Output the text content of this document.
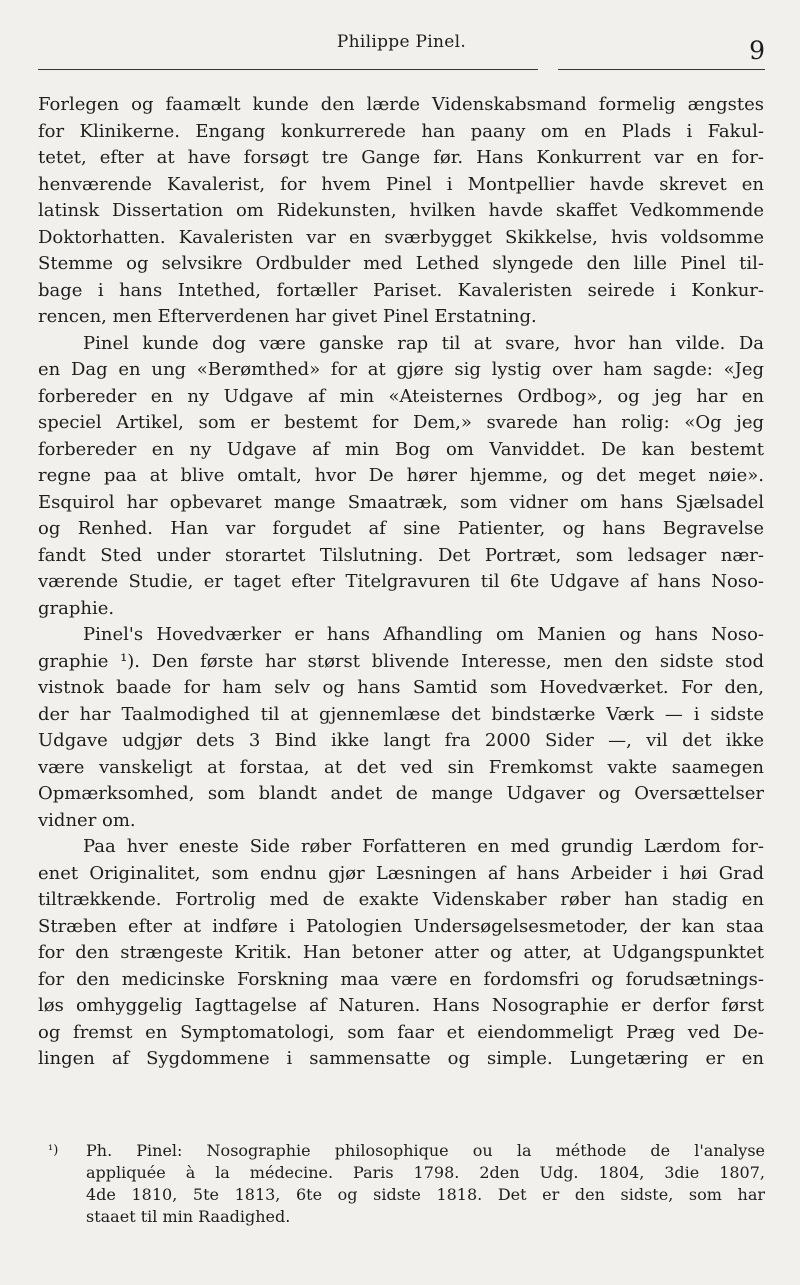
Philippe Pinel.	9
Forlegen og faamælt kunde den lærde Videnskabsmand formelig ængstes
for Klinikerne. Engang konkurrerede han paany om en Plads i Fakul-
tetet, efter at have forsøgt tre Gange før. Hans Konkurrent var en for-
henværende Kavalerist, for hvem Pinel i Montpellier havde skrevet en
latinsk Dissertation om Ridekunsten, hvilken havde skaffet Vedkommende
Doktorhatten. Kavaleristen var en sværbygget Skikkelse, hvis voldsomme
Stemme og selvsikre Ordbulder med Lethed slyngede den lille Pinel til-
bage i hans Intethed, fortæller Pariset. Kavaleristen seirede i Konkur-
rencen, men Efterverdenen har givet Pinel Erstatning.
Pinel kunde dog være ganske rap til at svare, hvor han vilde. Da
en Dag en ung «Berømthed» for at gjøre sig lystig over ham sagde: «Jeg
forbereder en ny Udgave af min «Ateisternes Ordbog», og jeg har en
speciel Artikel, som er bestemt for Dem,» svarede han rolig: «Og jeg
forbereder en ny Udgave af min Bog om Vanviddet. De kan bestemt
regne paa at blive omtalt, hvor De hører hjemme, og det meget nøie».
Esquirol har opbevaret mange Smaatræk, som vidner om hans Sjælsadel
og Renhed. Han var forgudet af sine Patienter, og hans Begravelse
fandt Sted under storartet Tilslutning. Det Portræt, som ledsager nær-
værende Studie, er taget efter Titelgravuren til 6te Udgave af hans Noso-
graphie.
Pinel's Hovedværker er hans Afhandling om Manien og hans Noso-
graphie ¹). Den første har størst blivende Interesse, men den sidste stod
vistnok baade for ham selv og hans Samtid som Hovedværket. For den,
der har Taalmodighed til at gjennemlæse det bindstærke Værk — i sidste
Udgave udgjør dets 3 Bind ikke langt fra 2000 Sider —, vil det ikke
være vanskeligt at forstaa, at det ved sin Fremkomst vakte saamegen
Opmærksomhed, som blandt andet de mange Udgaver og Oversættelser
vidner om.
Paa hver eneste Side røber Forfatteren en med grundig Lærdom for-
enet Originalitet, som endnu gjør Læsningen af hans Arbeider i høi Grad
tiltrækkende. Fortrolig med de exakte Videnskaber røber han stadig en
Stræben efter at indføre i Patologien Undersøgelsesmetoder, der kan staa
for den strængeste Kritik. Han betoner atter og atter, at Udgangspunktet
for den medicinske Forskning maa være en fordomsfri og forudsætnings-
løs omhyggelig Iagttagelse af Naturen. Hans Nosographie er derfor først
og fremst en Symptomatologi, som faar et eiendommeligt Præg ved De-
lingen af Sygdommene i sammensatte og simple. Lungetæring er en
¹)	Ph. Pinel: Nosographie philosophique ou la méthode de l'analyse
appliquée à la médecine. Paris 1798. 2den Udg. 1804, 3die 1807,
4de 1810, 5te 1813, 6te og sidste 1818. Det er den sidste, som har
staaet til min Raadighed.
